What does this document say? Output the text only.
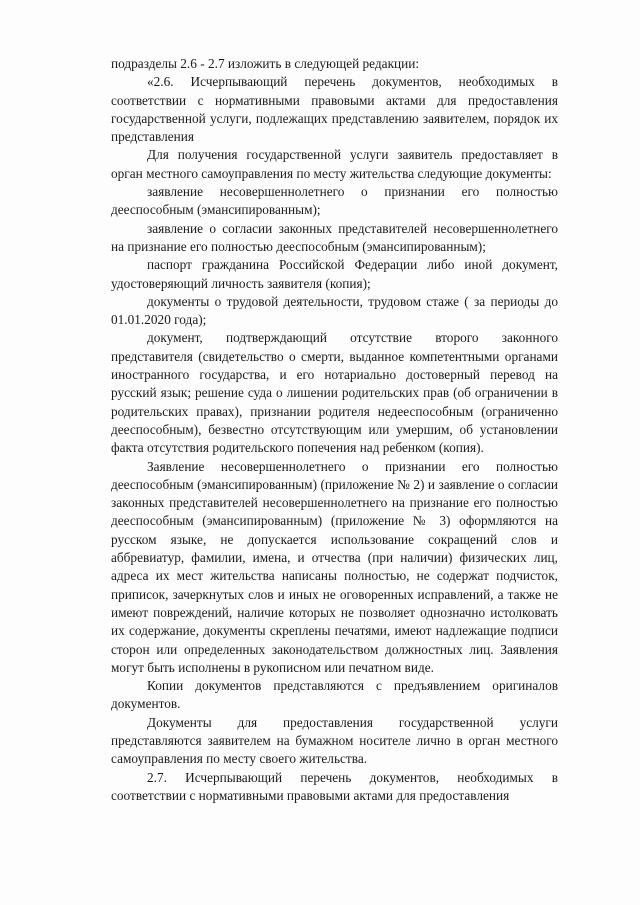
подразделы 2.6 - 2.7 изложить в следующей редакции:

«2.6. Исчерпывающий перечень документов, необходимых в соответствии с нормативными правовыми актами для предоставления государственной услуги, подлежащих представлению заявителем, порядок их представления

Для получения государственной услуги заявитель предоставляет в орган местного самоуправления по месту жительства следующие документы:

заявление несовершеннолетнего о признании его полностью дееспособным (эмансипированным);

заявление о согласии законных представителей несовершеннолетнего на признание его полностью дееспособным (эмансипированным);

паспорт гражданина Российской Федерации либо иной документ, удостоверяющий личность заявителя (копия);

документы о трудовой деятельности, трудовом стаже ( за периоды до 01.01.2020 года);

документ, подтверждающий отсутствие второго законного представителя (свидетельство о смерти, выданное компетентными органами иностранного государства, и его нотариально достоверный перевод на русский язык; решение суда о лишении родительских прав (об ограничении в родительских правах), признании родителя недееспособным (ограниченно дееспособным), безвестно отсутствующим или умершим, об установлении факта отсутствия родительского попечения над ребенком (копия).

Заявление несовершеннолетнего о признании его полностью дееспособным (эмансипированным) (приложение № 2) и заявление о согласии законных представителей несовершеннолетнего на признание его полностью дееспособным (эмансипированным) (приложение № 3) оформляются на русском языке, не допускается использование сокращений слов и аббревиатур, фамилии, имена, и отчества (при наличии) физических лиц, адреса их мест жительства написаны полностью, не содержат подчисток, приписок, зачеркнутых слов и иных не оговоренных исправлений, а также не имеют повреждений, наличие которых не позволяет однозначно истолковать их содержание, документы скреплены печатями, имеют надлежащие подписи сторон или определенных законодательством должностных лиц. Заявления могут быть исполнены в рукописном или печатном виде.

Копии документов представляются с предъявлением оригиналов документов.

Документы для предоставления государственной услуги представляются заявителем на бумажном носителе лично в орган местного самоуправления по месту своего жительства.

2.7. Исчерпывающий перечень документов, необходимых в соответствии с нормативными правовыми актами для предоставления
